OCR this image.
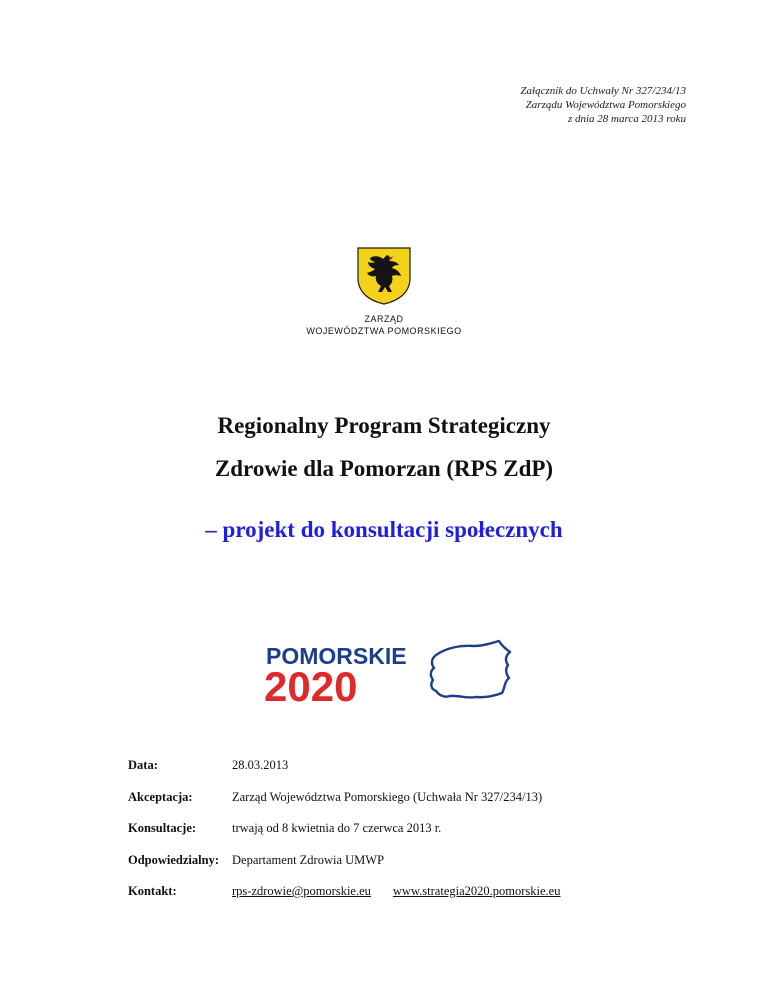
Załącznik do Uchwały Nr 327/234/13
Zarządu Województwa Pomorskiego
z dnia 28 marca 2013 roku
ZARZĄD
WOJEWÓDZTWA POMORSKIEGO
Regionalny Program Strategiczny
Zdrowie dla Pomorzan (RPS ZdP)
– projekt do konsultacji społecznych
POMORSKIE
2020
Data:	28.03.2013
Akceptacja:	Zarząd Województwa Pomorskiego (Uchwała Nr 327/234/13)
Konsultacje:	trwają od 8 kwietnia do 7 czerwca 2013 r.
Odpowiedzialny: Departament Zdrowia UMWP
Kontakt:	rps-zdrowie@pomorskie.eu www.strategia2020.pomorskie.eu
